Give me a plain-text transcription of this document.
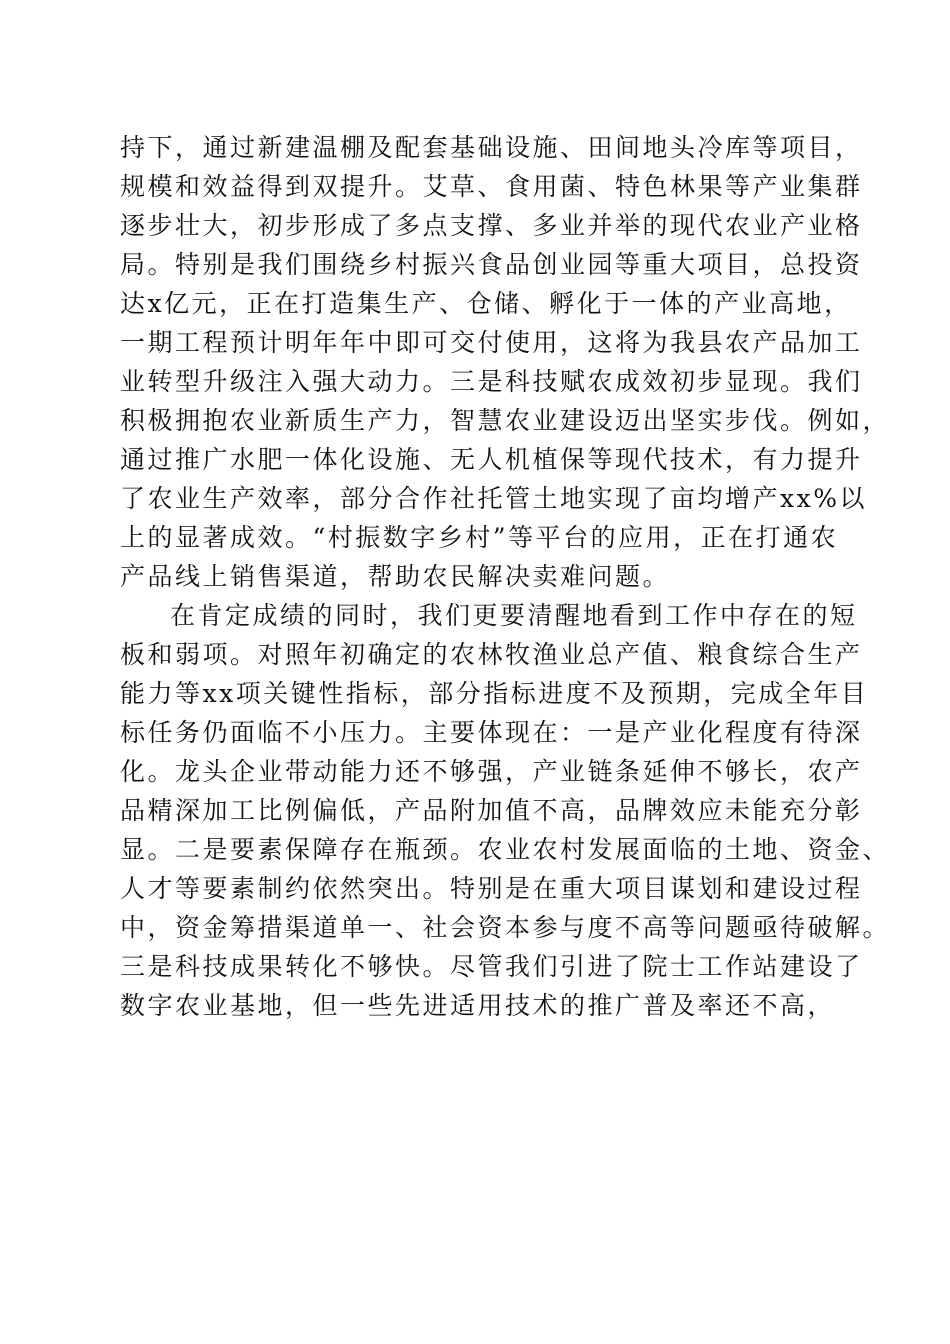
持下，通过新建温棚及配套基础设施、田间地头冷库等项目，
规模和效益得到双提升。艾草、食用菌、特色林果等产业集群
逐步壮大，初步形成了多点支撑、多业并举的现代农业产业格
局。特别是我们围绕乡村振兴食品创业园等重大项目，总投资
达x亿元，正在打造集生产、仓储、孵化于一体的产业高地，
一期工程预计明年年中即可交付使用，这将为我县农产品加工
业转型升级注入强大动力。三是科技赋农成效初步显现。我们
积极拥抱农业新质生产力，智慧农业建设迈出坚实步伐。例如，
通过推广水肥一体化设施、无人机植保等现代技术，有力提升
了农业生产效率，部分合作社托管土地实现了亩均增产xx%以
上的显著成效。“村振数字乡村”等平台的应用，正在打通农
产品线上销售渠道，帮助农民解决卖难问题。
在肯定成绩的同时，我们更要清醒地看到工作中存在的短
板和弱项。对照年初确定的农林牧渔业总产值、粮食综合生产
能力等xx项关键性指标，部分指标进度不及预期，完成全年目
标任务仍面临不小压力。主要体现在：一是产业化程度有待深
化。龙头企业带动能力还不够强，产业链条延伸不够长，农产
品精深加工比例偏低，产品附加值不高，品牌效应未能充分彰
显。二是要素保障存在瓶颈。农业农村发展面临的土地、资金、
人才等要素制约依然突出。特别是在重大项目谋划和建设过程
中，资金筹措渠道单一、社会资本参与度不高等问题亟待破解。
三是科技成果转化不够快。尽管我们引进了院士工作站建设了
数字农业基地，但一些先进适用技术的推广普及率还不高，
